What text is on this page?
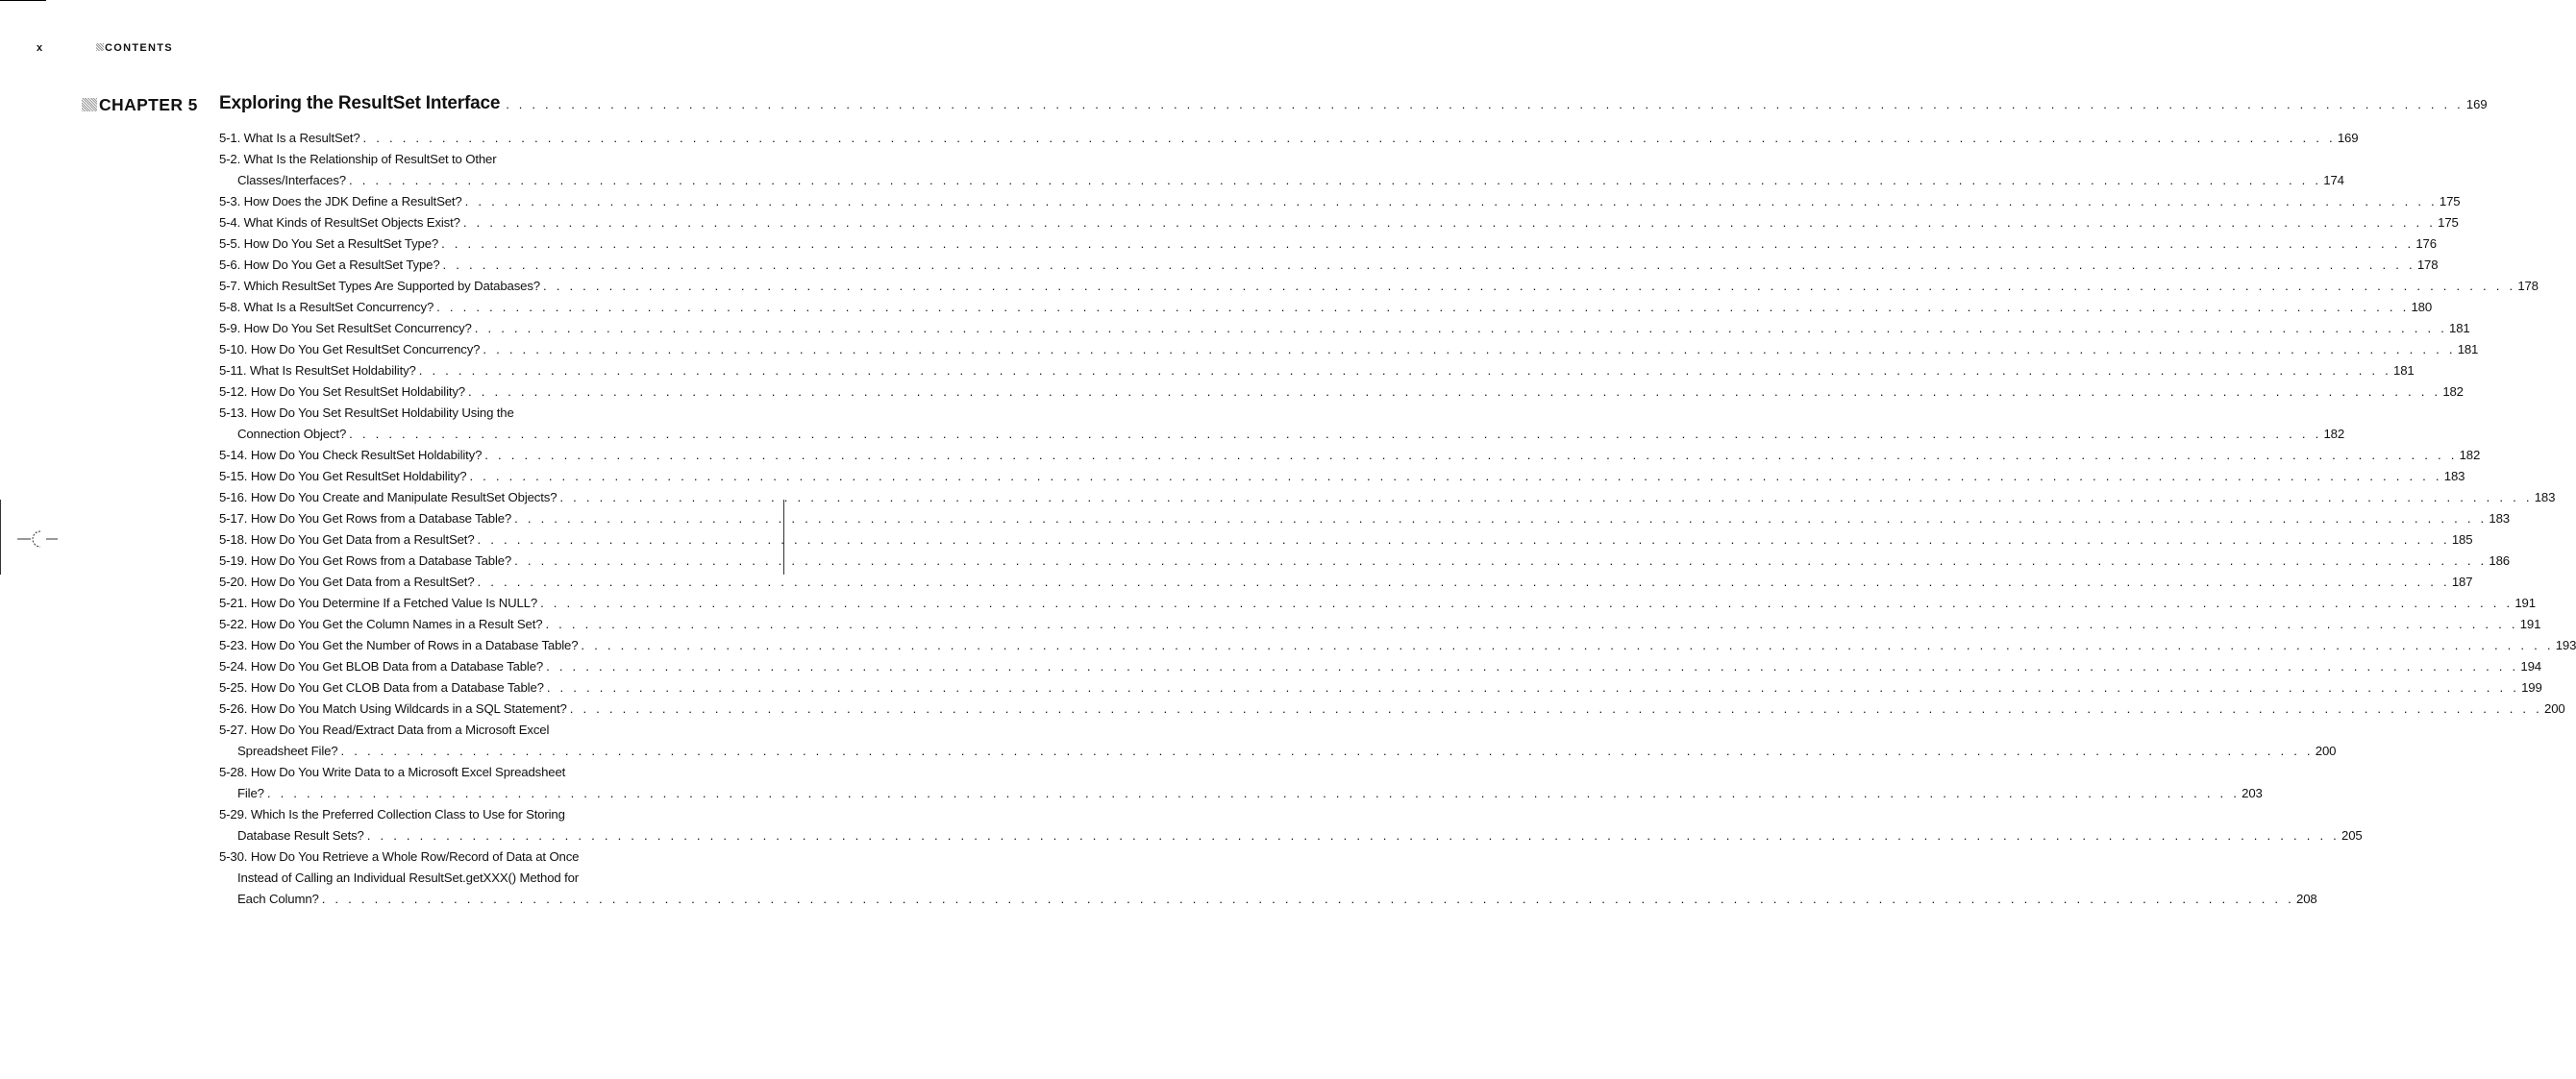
x	CONTENTS
CHAPTER 5 Exploring the ResultSet Interface . . . . . . . . . . . . . . . . . . . . . . . . . . . . . . . . . . . . . . . . . . . . . . . . . . . . . . . . . . . . . . . . . . . . . . . . . . . . . . . . . . . . . . . . . . . . . . . . . . . . . . . . . . . . . . . . . . . . . . . . . . . . . . . . . . . . . . . . . . . . . . . . . . . . . . 169
5-1. What Is a ResultSet? . . . . . . . . . . . . . . . . . . . . . . . . . . . . . . . . . . . . . . . . . . . . . . . . . . . . . . . . . . . . . . . . . . . . . . . . . . . . . . . . . . . . . . . . . . . . . . . . . . . . . . . . . . . . . . . . . . . . . . . . . . . . . . . . . . . . . . . . . . . . . . . . . . . . . . 169
5-2. What Is the Relationship of ResultSet to Other
Classes/Interfaces? . . . . . . . . . . . . . . . . . . . . . . . . . . . . . . . . . . . . . . . . . . . . . . . . . . . . . . . . . . . . . . . . . . . . . . . . . . . . . . . . . . . . . . . . . . . . . . . . . . . . . . . . . . . . . . . . . . . . . . . . . . . . . . . . . . . . . . . . . . . . . . . . . . . . . . 174
5-3. How Does the JDK Define a ResultSet? . . . . . . . . . . . . . . . . . . . . . . . . . . . . . . . . . . . . . . . . . . . . . . . . . . . . . . . . . . . . . . . . . . . . . . . . . . . . . . . . . . . . . . . . . . . . . . . . . . . . . . . . . . . . . . . . . . . . . . . . . . . . . . . . . . . . . . . . . . . . . . . . . . . . . . 175
5-4. What Kinds of ResultSet Objects Exist? . . . . . . . . . . . . . . . . . . . . . . . . . . . . . . . . . . . . . . . . . . . . . . . . . . . . . . . . . . . . . . . . . . . . . . . . . . . . . . . . . . . . . . . . . . . . . . . . . . . . . . . . . . . . . . . . . . . . . . . . . . . . . . . . . . . . . . . . . . . . . . . . . . . . . . 175
5-5. How Do You Set a ResultSet Type? . . . . . . . . . . . . . . . . . . . . . . . . . . . . . . . . . . . . . . . . . . . . . . . . . . . . . . . . . . . . . . . . . . . . . . . . . . . . . . . . . . . . . . . . . . . . . . . . . . . . . . . . . . . . . . . . . . . . . . . . . . . . . . . . . . . . . . . . . . . . . . . . . . . . . . 176
5-6. How Do You Get a ResultSet Type? . . . . . . . . . . . . . . . . . . . . . . . . . . . . . . . . . . . . . . . . . . . . . . . . . . . . . . . . . . . . . . . . . . . . . . . . . . . . . . . . . . . . . . . . . . . . . . . . . . . . . . . . . . . . . . . . . . . . . . . . . . . . . . . . . . . . . . . . . . . . . . . . . . . . . . 178
5-7. Which ResultSet Types Are Supported by Databases? . . . . . . . . . . . . . . . . . . . . . . . . . . . . . . . . . . . . . . . . . . . . . . . . . . . . . . . . . . . . . . . . . . . . . . . . . . . . . . . . . . . . . . . . . . . . . . . . . . . . . . . . . . . . . . . . . . . . . . . . . . . . . . . . . . . . . . . . . . . . . . . . . . . . . . 178
5-8. What Is a ResultSet Concurrency? . . . . . . . . . . . . . . . . . . . . . . . . . . . . . . . . . . . . . . . . . . . . . . . . . . . . . . . . . . . . . . . . . . . . . . . . . . . . . . . . . . . . . . . . . . . . . . . . . . . . . . . . . . . . . . . . . . . . . . . . . . . . . . . . . . . . . . . . . . . . . . . . . . . . . . 180
5-9. How Do You Set ResultSet Concurrency? . . . . . . . . . . . . . . . . . . . . . . . . . . . . . . . . . . . . . . . . . . . . . . . . . . . . . . . . . . . . . . . . . . . . . . . . . . . . . . . . . . . . . . . . . . . . . . . . . . . . . . . . . . . . . . . . . . . . . . . . . . . . . . . . . . . . . . . . . . . . . . . . . . . . . . 181
5-10. How Do You Get ResultSet Concurrency? . . . . . . . . . . . . . . . . . . . . . . . . . . . . . . . . . . . . . . . . . . . . . . . . . . . . . . . . . . . . . . . . . . . . . . . . . . . . . . . . . . . . . . . . . . . . . . . . . . . . . . . . . . . . . . . . . . . . . . . . . . . . . . . . . . . . . . . . . . . . . . . . . . . . . . 181
5-11. What Is ResultSet Holdability? . . . . . . . . . . . . . . . . . . . . . . . . . . . . . . . . . . . . . . . . . . . . . . . . . . . . . . . . . . . . . . . . . . . . . . . . . . . . . . . . . . . . . . . . . . . . . . . . . . . . . . . . . . . . . . . . . . . . . . . . . . . . . . . . . . . . . . . . . . . . . . . . . . . . . . 181
5-12. How Do You Set ResultSet Holdability? . . . . . . . . . . . . . . . . . . . . . . . . . . . . . . . . . . . . . . . . . . . . . . . . . . . . . . . . . . . . . . . . . . . . . . . . . . . . . . . . . . . . . . . . . . . . . . . . . . . . . . . . . . . . . . . . . . . . . . . . . . . . . . . . . . . . . . . . . . . . . . . . . . . . . . 182
5-13. How Do You Set ResultSet Holdability Using the
Connection Object? . . . . . . . . . . . . . . . . . . . . . . . . . . . . . . . . . . . . . . . . . . . . . . . . . . . . . . . . . . . . . . . . . . . . . . . . . . . . . . . . . . . . . . . . . . . . . . . . . . . . . . . . . . . . . . . . . . . . . . . . . . . . . . . . . . . . . . . . . . . . . . . . . . . . . . 182
5-14. How Do You Check ResultSet Holdability? . . . . . . . . . . . . . . . . . . . . . . . . . . . . . . . . . . . . . . . . . . . . . . . . . . . . . . . . . . . . . . . . . . . . . . . . . . . . . . . . . . . . . . . . . . . . . . . . . . . . . . . . . . . . . . . . . . . . . . . . . . . . . . . . . . . . . . . . . . . . . . . . . . . . . . 182
5-15. How Do You Get ResultSet Holdability? . . . . . . . . . . . . . . . . . . . . . . . . . . . . . . . . . . . . . . . . . . . . . . . . . . . . . . . . . . . . . . . . . . . . . . . . . . . . . . . . . . . . . . . . . . . . . . . . . . . . . . . . . . . . . . . . . . . . . . . . . . . . . . . . . . . . . . . . . . . . . . . . . . . . . . 183
5-16. How Do You Create and Manipulate ResultSet Objects? . . . . . . . . . . . . . . . . . . . . . . . . . . . . . . . . . . . . . . . . . . . . . . . . . . . . . . . . . . . . . . . . . . . . . . . . . . . . . . . . . . . . . . . . . . . . . . . . . . . . . . . . . . . . . . . . . . . . . . . . . . . . . . . . . . . . . . . . . . . . . . . . . . . . . . 183
5-17. How Do You Get Rows from a Database Table? . . . . . . . . . . . . . . . . . . . . . . . . . . . . . . . . . . . . . . . . . . . . . . . . . . . . . . . . . . . . . . . . . . . . . . . . . . . . . . . . . . . . . . . . . . . . . . . . . . . . . . . . . . . . . . . . . . . . . . . . . . . . . . . . . . . . . . . . . . . . . . . . . . . . . . 183
5-18. How Do You Get Data from a ResultSet? . . . . . . . . . . . . . . . . . . . . . . . . . . . . . . . . . . . . . . . . . . . . . . . . . . . . . . . . . . . . . . . . . . . . . . . . . . . . . . . . . . . . . . . . . . . . . . . . . . . . . . . . . . . . . . . . . . . . . . . . . . . . . . . . . . . . . . . . . . . . . . . . . . . . . . 185
5-19. How Do You Get Rows from a Database Table? . . . . . . . . . . . . . . . . . . . . . . . . . . . . . . . . . . . . . . . . . . . . . . . . . . . . . . . . . . . . . . . . . . . . . . . . . . . . . . . . . . . . . . . . . . . . . . . . . . . . . . . . . . . . . . . . . . . . . . . . . . . . . . . . . . . . . . . . . . . . . . . . . . . . . . 186
5-20. How Do You Get Data from a ResultSet? . . . . . . . . . . . . . . . . . . . . . . . . . . . . . . . . . . . . . . . . . . . . . . . . . . . . . . . . . . . . . . . . . . . . . . . . . . . . . . . . . . . . . . . . . . . . . . . . . . . . . . . . . . . . . . . . . . . . . . . . . . . . . . . . . . . . . . . . . . . . . . . . . . . . . . 187
5-21. How Do You Determine If a Fetched Value Is NULL? . . . . . . . . . . . . . . . . . . . . . . . . . . . . . . . . . . . . . . . . . . . . . . . . . . . . . . . . . . . . . . . . . . . . . . . . . . . . . . . . . . . . . . . . . . . . . . . . . . . . . . . . . . . . . . . . . . . . . . . . . . . . . . . . . . . . . . . . . . . . . . . . . . . . . . 191
5-22. How Do You Get the Column Names in a Result Set? . . . . . . . . . . . . . . . . . . . . . . . . . . . . . . . . . . . . . . . . . . . . . . . . . . . . . . . . . . . . . . . . . . . . . . . . . . . . . . . . . . . . . . . . . . . . . . . . . . . . . . . . . . . . . . . . . . . . . . . . . . . . . . . . . . . . . . . . . . . . . . . . . . . . . . 191
5-23. How Do You Get the Number of Rows in a Database Table? . . . . . . . . . . . . . . . . . . . . . . . . . . . . . . . . . . . . . . . . . . . . . . . . . . . . . . . . . . . . . . . . . . . . . . . . . . . . . . . . . . . . . . . . . . . . . . . . . . . . . . . . . . . . . . . . . . . . . . . . . . . . . . . . . . . . . . . . . . . . . . . . . . . . . . 193
5-24. How Do You Get BLOB Data from a Database Table? . . . . . . . . . . . . . . . . . . . . . . . . . . . . . . . . . . . . . . . . . . . . . . . . . . . . . . . . . . . . . . . . . . . . . . . . . . . . . . . . . . . . . . . . . . . . . . . . . . . . . . . . . . . . . . . . . . . . . . . . . . . . . . . . . . . . . . . . . . . . . . . . . . . . . . 194
5-25. How Do You Get CLOB Data from a Database Table? . . . . . . . . . . . . . . . . . . . . . . . . . . . . . . . . . . . . . . . . . . . . . . . . . . . . . . . . . . . . . . . . . . . . . . . . . . . . . . . . . . . . . . . . . . . . . . . . . . . . . . . . . . . . . . . . . . . . . . . . . . . . . . . . . . . . . . . . . . . . . . . . . . . . . . 199
5-26. How Do You Match Using Wildcards in a SQL Statement? . . . . . . . . . . . . . . . . . . . . . . . . . . . . . . . . . . . . . . . . . . . . . . . . . . . . . . . . . . . . . . . . . . . . . . . . . . . . . . . . . . . . . . . . . . . . . . . . . . . . . . . . . . . . . . . . . . . . . . . . . . . . . . . . . . . . . . . . . . . . . . . . . . . . . . 200
5-27. How Do You Read/Extract Data from a Microsoft Excel
Spreadsheet File? . . . . . . . . . . . . . . . . . . . . . . . . . . . . . . . . . . . . . . . . . . . . . . . . . . . . . . . . . . . . . . . . . . . . . . . . . . . . . . . . . . . . . . . . . . . . . . . . . . . . . . . . . . . . . . . . . . . . . . . . . . . . . . . . . . . . . . . . . . . . . . . . . . . . . . 200
5-28. How Do You Write Data to a Microsoft Excel Spreadsheet
File? . . . . . . . . . . . . . . . . . . . . . . . . . . . . . . . . . . . . . . . . . . . . . . . . . . . . . . . . . . . . . . . . . . . . . . . . . . . . . . . . . . . . . . . . . . . . . . . . . . . . . . . . . . . . . . . . . . . . . . . . . . . . . . . . . . . . . . . . . . . . . . . . . . . . . . 203
5-29. Which Is the Preferred Collection Class to Use for Storing
Database Result Sets? . . . . . . . . . . . . . . . . . . . . . . . . . . . . . . . . . . . . . . . . . . . . . . . . . . . . . . . . . . . . . . . . . . . . . . . . . . . . . . . . . . . . . . . . . . . . . . . . . . . . . . . . . . . . . . . . . . . . . . . . . . . . . . . . . . . . . . . . . . . . . . . . . . . . . . 205
5-30. How Do You Retrieve a Whole Row/Record of Data at Once
Instead of Calling an Individual ResultSet.getXXX() Method for
Each Column? . . . . . . . . . . . . . . . . . . . . . . . . . . . . . . . . . . . . . . . . . . . . . . . . . . . . . . . . . . . . . . . . . . . . . . . . . . . . . . . . . . . . . . . . . . . . . . . . . . . . . . . . . . . . . . . . . . . . . . . . . . . . . . . . . . . . . . . . . . . . . . . . . . . . . . 208
